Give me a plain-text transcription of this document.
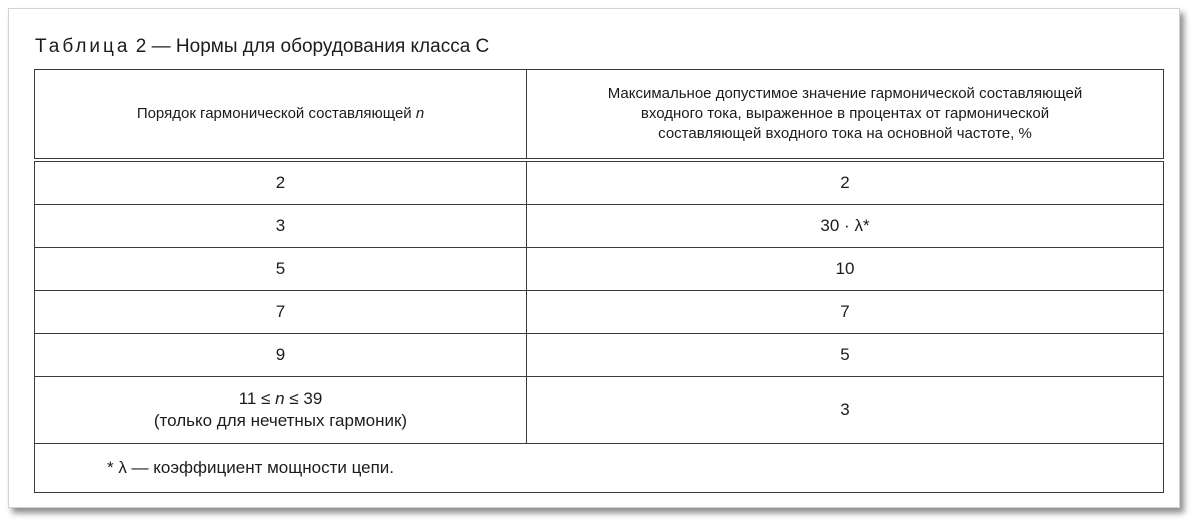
Таблица 2 — Нормы для оборудования класса С
Порядок гармонической составляющей n	Максимальное допустимое значение гармонической составляющей
входного тока, выраженное в процентах от гармонической
составляющей входного тока на основной частоте, %

2	2
3	30 · λ*
5	10
7	7
9	5

11 ≤ n ≤ 39
(только для нечетных гармоник)	3
* λ — коэффициент мощности цепи.	
